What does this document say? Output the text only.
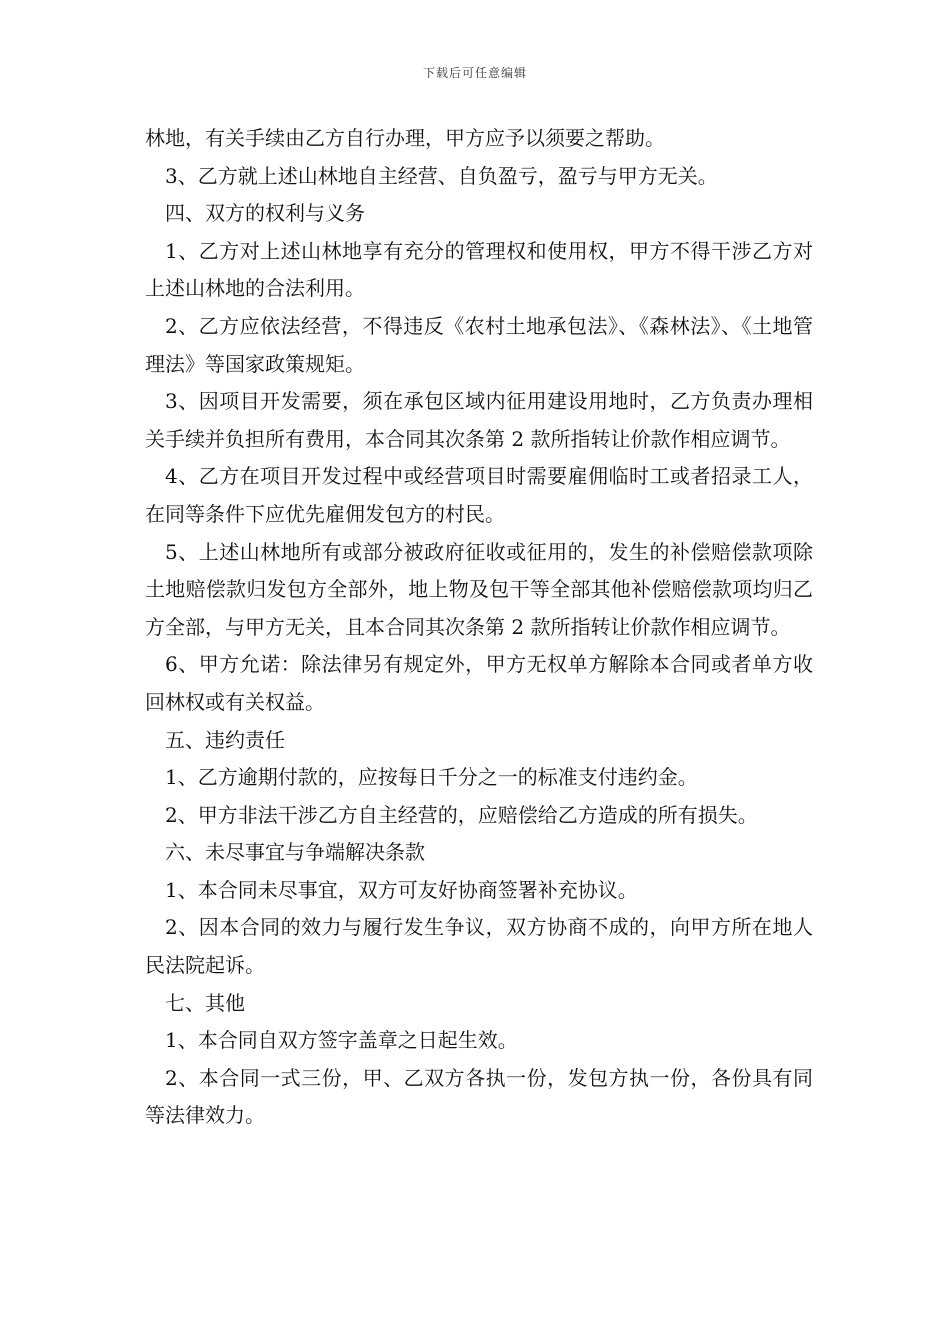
下载后可任意编辑

林地，有关手续由乙方自行办理，甲方应予以须要之帮助。

3、乙方就上述山林地自主经营、自负盈亏，盈亏与甲方无关。

四、双方的权利与义务

1、乙方对上述山林地享有充分的管理权和使用权，甲方不得干涉乙方对上述山林地的合法利用。

2、乙方应依法经营，不得违反《农村土地承包法》、《森林法》、《土地管理法》等国家政策规矩。

3、因项目开发需要，须在承包区域内征用建设用地时，乙方负责办理相关手续并负担所有费用，本合同其次条第 2 款所指转让价款作相应调节。

4、乙方在项目开发过程中或经营项目时需要雇佣临时工或者招录工人，在同等条件下应优先雇佣发包方的村民。

5、上述山林地所有或部分被政府征收或征用的，发生的补偿赔偿款项除土地赔偿款归发包方全部外，地上物及包干等全部其他补偿赔偿款项均归乙方全部，与甲方无关，且本合同其次条第 2 款所指转让价款作相应调节。

6、甲方允诺：除法律另有规定外，甲方无权单方解除本合同或者单方收回林权或有关权益。

五、违约责任

1、乙方逾期付款的，应按每日千分之一的标准支付违约金。

2、甲方非法干涉乙方自主经营的，应赔偿给乙方造成的所有损失。

六、未尽事宜与争端解决条款

1、本合同未尽事宜，双方可友好协商签署补充协议。

2、因本合同的效力与履行发生争议，双方协商不成的，向甲方所在地人民法院起诉。

七、其他

1、本合同自双方签字盖章之日起生效。

2、本合同一式三份，甲、乙双方各执一份，发包方执一份，各份具有同等法律效力。
